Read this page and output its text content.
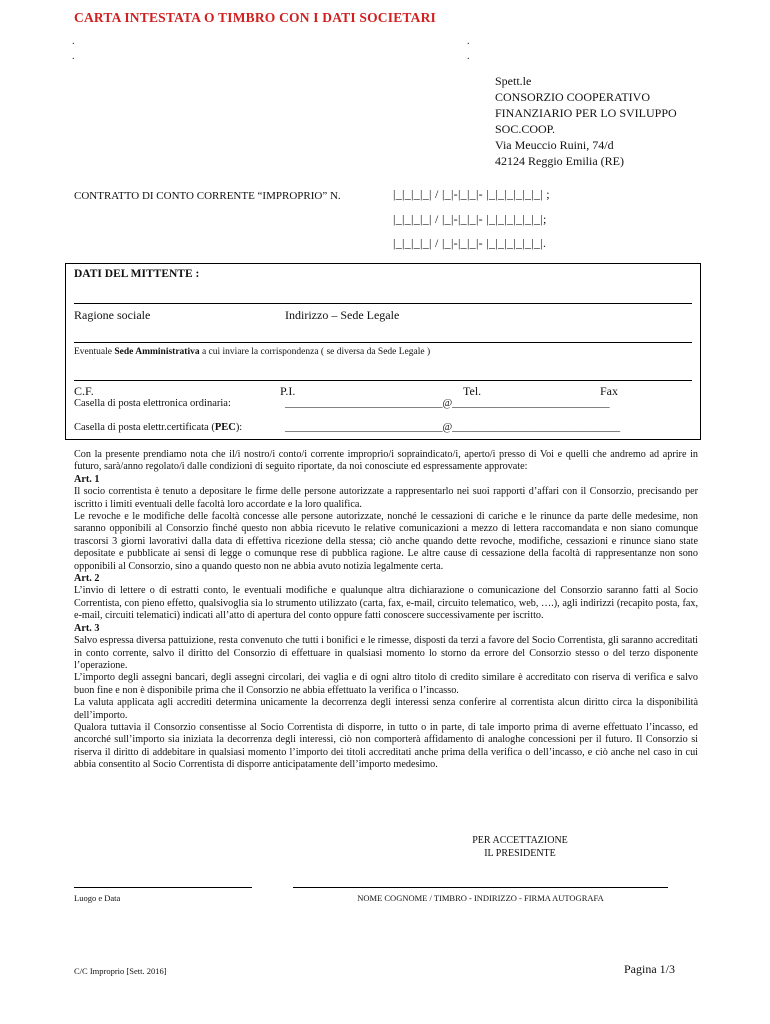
CARTA INTESTATA O TIMBRO CON I DATI SOCIETARI
.	.
.	.
Spett.le
CONSORZIO COOPERATIVO
FINANZIARIO PER LO SVILUPPO
SOC.COOP.
Via Meuccio Ruini, 74/d
42124 Reggio Emilia (RE)
CONTRATTO DI CONTO CORRENTE “IMPROPRIO” N.	|_|_|_|_| / |_|-|_|_|- |_|_|_|_|_|_| ;
|_|_|_|_| / |_|-|_|_|- |_|_|_|_|_|_|;
|_|_|_|_| / |_|-|_|_|- |_|_|_|_|_|_|.
DATI DEL MITTENTE :
Ragione sociale	Indirizzo – Sede Legale
Eventuale Sede Amministrativa a cui inviare la corrispondenza ( se diversa da Sede Legale )
C.F.	P.I.	Tel.	Fax
Casella di posta elettronica ordinaria:	______________________________@______________________________
Casella di posta elettr.certificata (PEC):	______________________________@________________________________

Con la presente prendiamo nota che il/i nostro/i conto/i corrente improprio/i sopraindicato/i, aperto/i presso di Voi e quelli che andremo ad aprire in futuro, sarà/anno regolato/i dalle condizioni di seguito riportate, da noi conosciute ed espressamente approvate:

Art. 1

Il socio correntista è tenuto a depositare le firme delle persone autorizzate a rappresentarlo nei suoi rapporti d’affari con il Consorzio, precisando per iscritto i limiti eventuali delle facoltà loro accordate e la loro qualifica.

Le revoche e le modifiche delle facoltà concesse alle persone autorizzate, nonché le cessazioni di cariche e le rinunce da parte delle medesime, non saranno opponibili al Consorzio finché questo non abbia ricevuto le relative comunicazioni a mezzo di lettera raccomandata e non siano comunque trascorsi 3 giorni lavorativi dalla data di effettiva ricezione della stessa; ciò anche quando dette revoche, modifiche, cessazioni e rinunce siano state depositate e pubblicate ai sensi di legge o comunque rese di pubblica ragione. Le altre cause di cessazione della facoltà di rappresentanze non sono opponibili al Consorzio, sino a quando questo non ne abbia avuto notizia legalmente certa.

Art. 2

L’invio di lettere o di estratti conto, le eventuali modifiche e qualunque altra dichiarazione o comunicazione del Consorzio saranno fatti al Socio Correntista, con pieno effetto, qualsivoglia sia lo strumento utilizzato (carta, fax, e-mail, circuito telematico, web, ….), agli indirizzi (recapito posta, fax, e-mail, circuiti telematici) indicati all’atto di apertura del conto oppure fatti conoscere successivamente per iscritto.

Art. 3

Salvo espressa diversa pattuizione, resta convenuto che tutti i bonifici e le rimesse, disposti da terzi a favore del Socio Correntista, gli saranno accreditati in conto corrente, salvo il diritto del Consorzio di effettuare in qualsiasi momento lo storno da errore del Consorzio stesso o del terzo disponente l’operazione.

L’importo degli assegni bancari, degli assegni circolari, dei vaglia e di ogni altro titolo di credito similare è accreditato con riserva di verifica e salvo buon fine e non è disponibile prima che il Consorzio ne abbia effettuato la verifica o l’incasso.

La valuta applicata agli accrediti determina unicamente la decorrenza degli interessi senza conferire al correntista alcun diritto circa la disponibilità dell’importo.

Qualora tuttavia il Consorzio consentisse al Socio Correntista di disporre, in tutto o in parte, di tale importo prima di averne effettuato l’incasso, ed ancorché sull’importo sia iniziata la decorrenza degli interessi, ciò non comporterà affidamento di analoghe concessioni per il futuro. Il Consorzio si riserva il diritto di addebitare in qualsiasi momento l’importo dei titoli accreditati anche prima della verifica o dell’incasso, e ciò anche nel caso in cui abbia consentito al Socio Correntista di disporre anticipatamente dell’importo medesimo.

PER ACCETTAZIONE
IL PRESIDENTE
Luogo e Data	NOME COGNOME / TIMBRO - INDIRIZZO - FIRMA AUTOGRAFA
C/C Improprio [Sett. 2016]	Pagina 1/3
